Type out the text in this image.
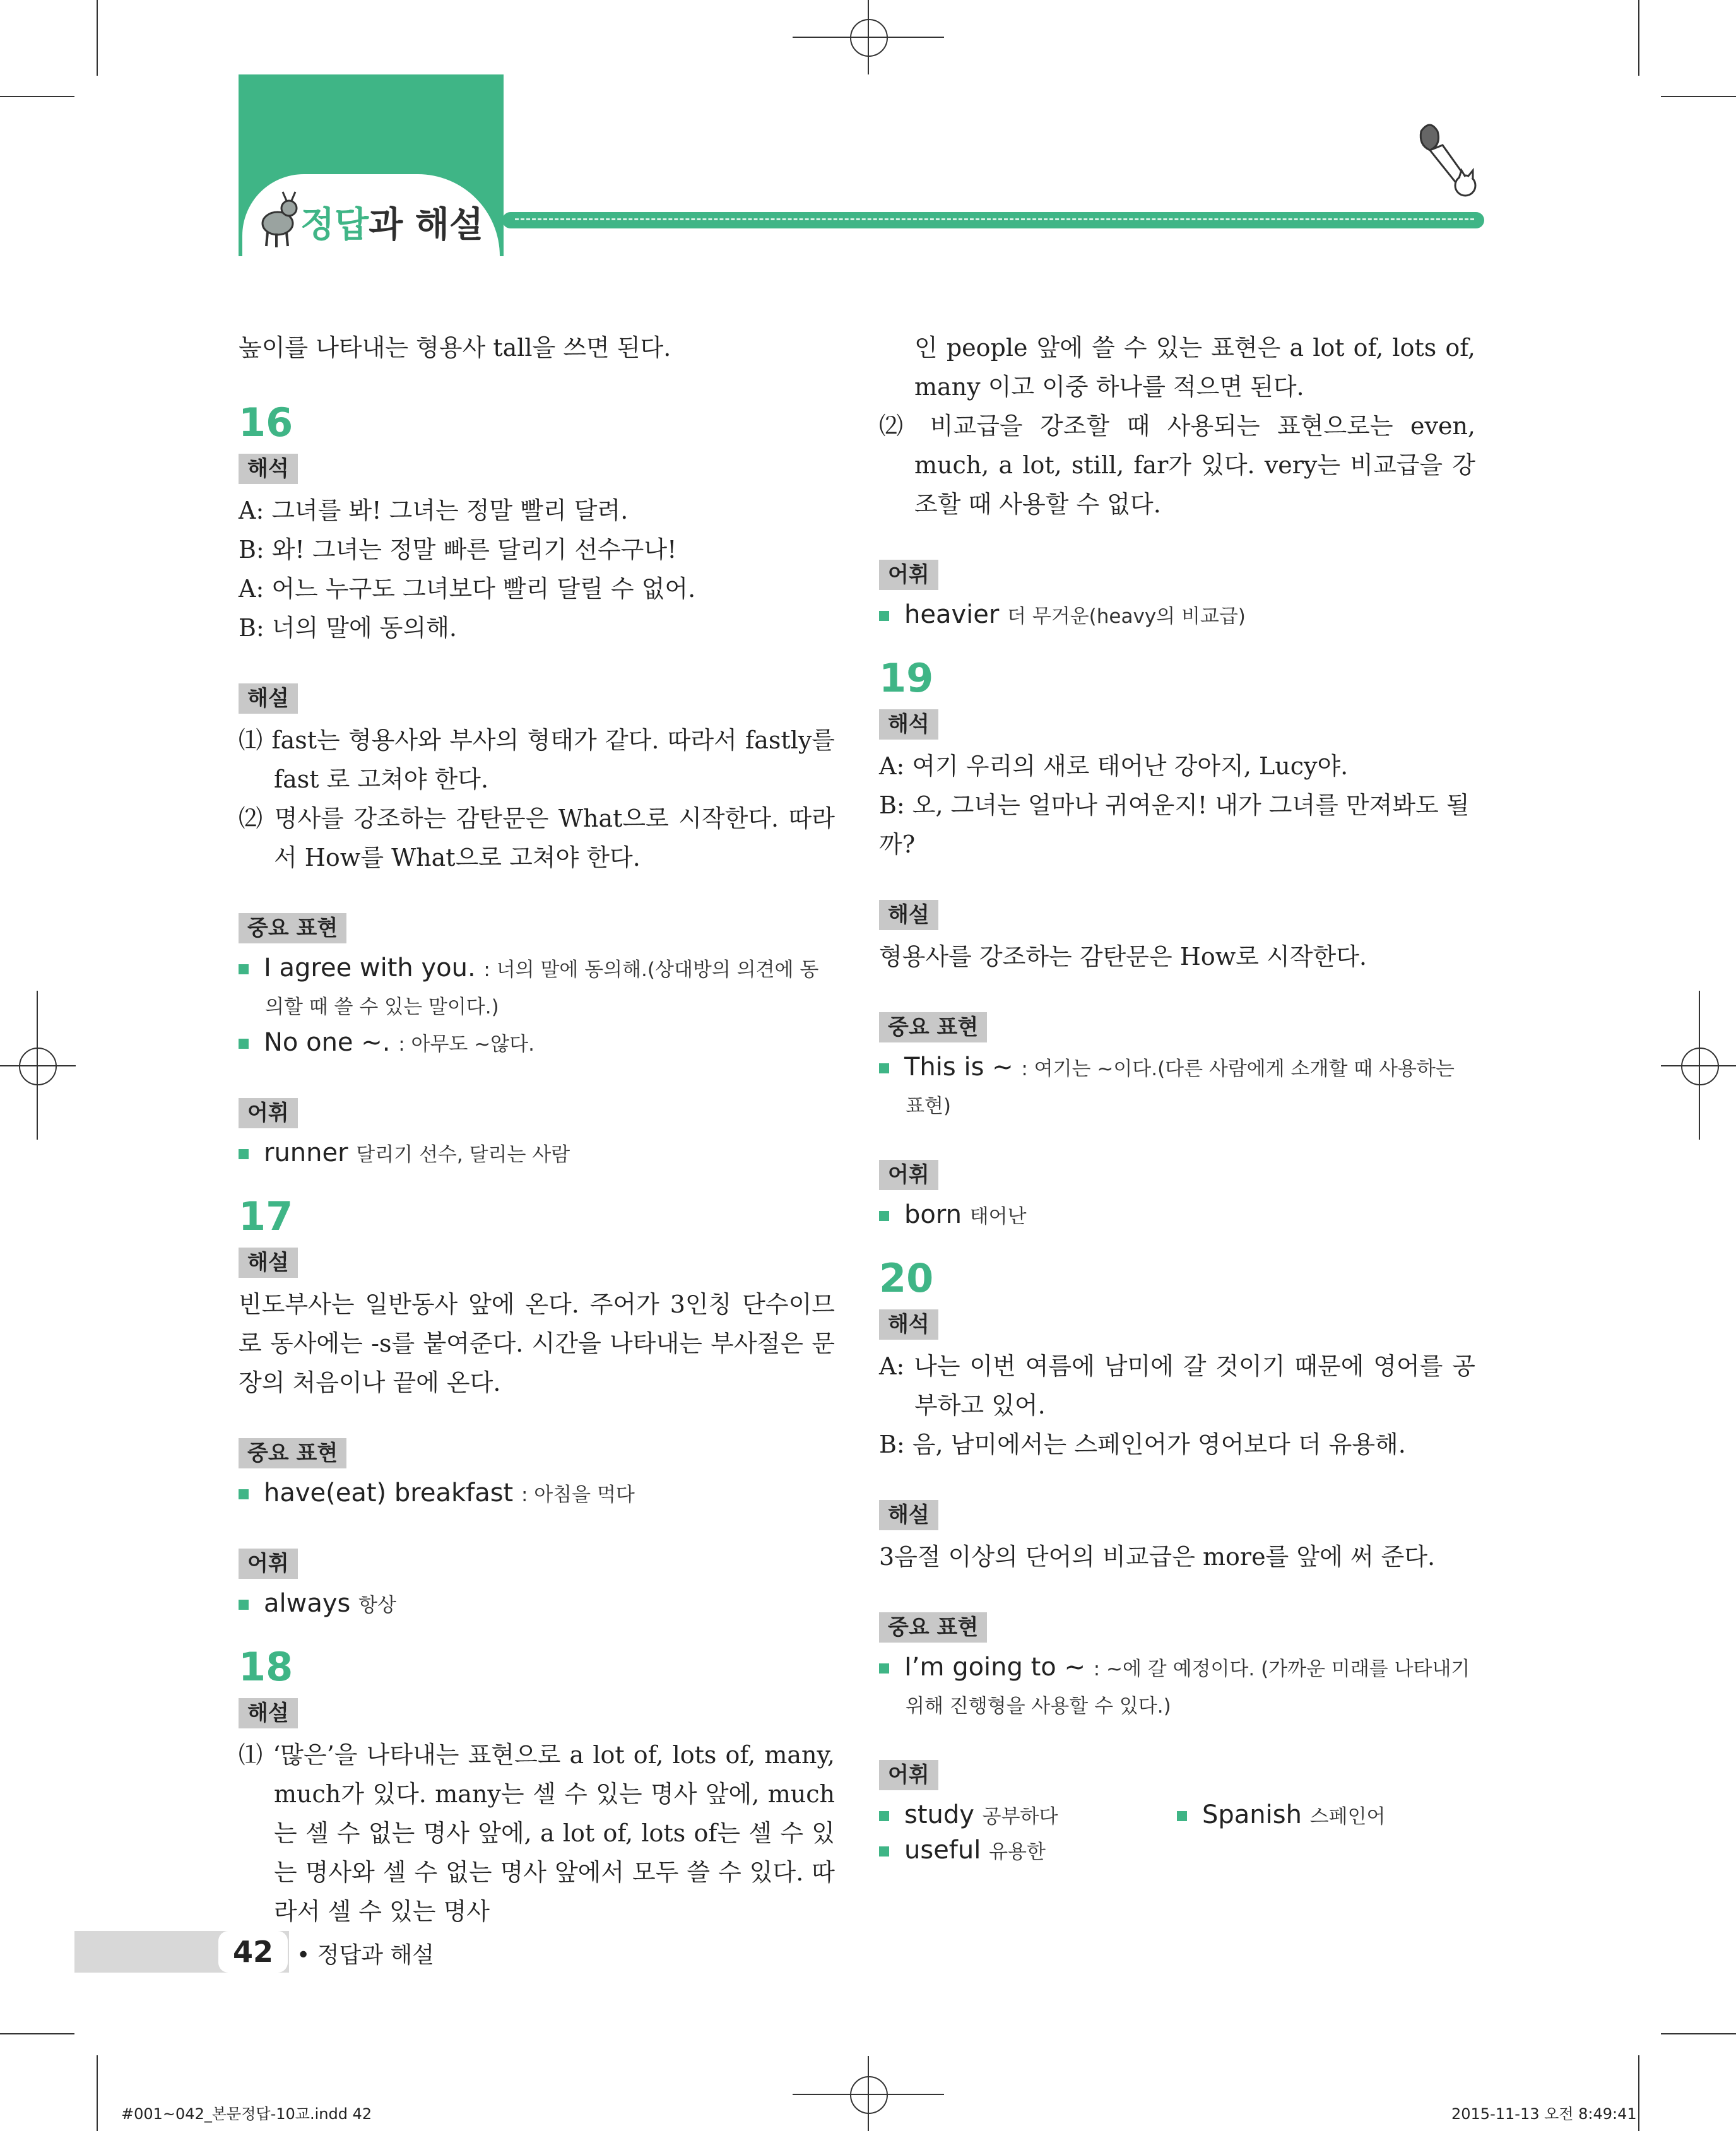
정답과 해설

높이를 나타내는 형용사 tall을 쓰면 된다.

16
해석

A: 그녀를 봐! 그녀는 정말 빨리 달려.

B: 와! 그녀는 정말 빠른 달리기 선수구나!

A: 어느 누구도 그녀보다 빨리 달릴 수 없어.

B: 너의 말에 동의해.

해설

⑴ fast는 형용사와 부사의 형태가 같다. 따라서 fastly를 fast 로 고쳐야 한다.

⑵ 명사를 강조하는 감탄문은 What으로 시작한다. 따라서 How를 What으로 고쳐야 한다.

중요 표현
I agree with you. : 너의 말에 동의해.(상대방의 의견에 동의할 때 쓸 수 있는 말이다.)
No one ~. : 아무도 ~않다.
어휘
runner 달리기 선수, 달리는 사람
17
해설

빈도부사는 일반동사 앞에 온다. 주어가 3인칭 단수이므로 동사에는 -s를 붙여준다. 시간을 나타내는 부사절은 문장의 처음이나 끝에 온다.

중요 표현
have(eat) breakfast : 아침을 먹다
어휘
always 항상
18
해설

⑴ ‘많은’을 나타내는 표현으로 a lot of, lots of, many, much가 있다. many는 셀 수 있는 명사 앞에, much는 셀 수 없는 명사 앞에, a lot of, lots of는 셀 수 있는 명사와 셀 수 없는 명사 앞에서 모두 쓸 수 있다. 따라서 셀 수 있는 명사

인 people 앞에 쓸 수 있는 표현은 a lot of, lots of, many 이고 이중 하나를 적으면 된다.

⑵ 비교급을 강조할 때 사용되는 표현으로는 even, much, a lot, still, far가 있다. very는 비교급을 강조할 때 사용할 수 없다.

어휘
heavier 더 무거운(heavy의 비교급)
19
해석

A: 여기 우리의 새로 태어난 강아지, Lucy야.

B: 오, 그녀는 얼마나 귀여운지! 내가 그녀를 만져봐도 될까?

해설

형용사를 강조하는 감탄문은 How로 시작한다.

중요 표현
This is ~ : 여기는 ~이다.(다른 사람에게 소개할 때 사용하는 표현)
어휘
born 태어난
20
해석

A: 나는 이번 여름에 남미에 갈 것이기 때문에 영어를 공부하고 있어.

B: 음, 남미에서는 스페인어가 영어보다 더 유용해.

해설

3음절 이상의 단어의 비교급은 more를 앞에 써 준다.

중요 표현
I’m going to ~ : ~에 갈 예정이다. (가까운 미래를 나타내기 위해 진행형을 사용할 수 있다.)
어휘
study 공부하다	Spanish 스페인어
useful 유용한
42	• 정답과 해설
#001~042_본문정답-10교.indd 42	2015-11-13 오전 8:49:41
